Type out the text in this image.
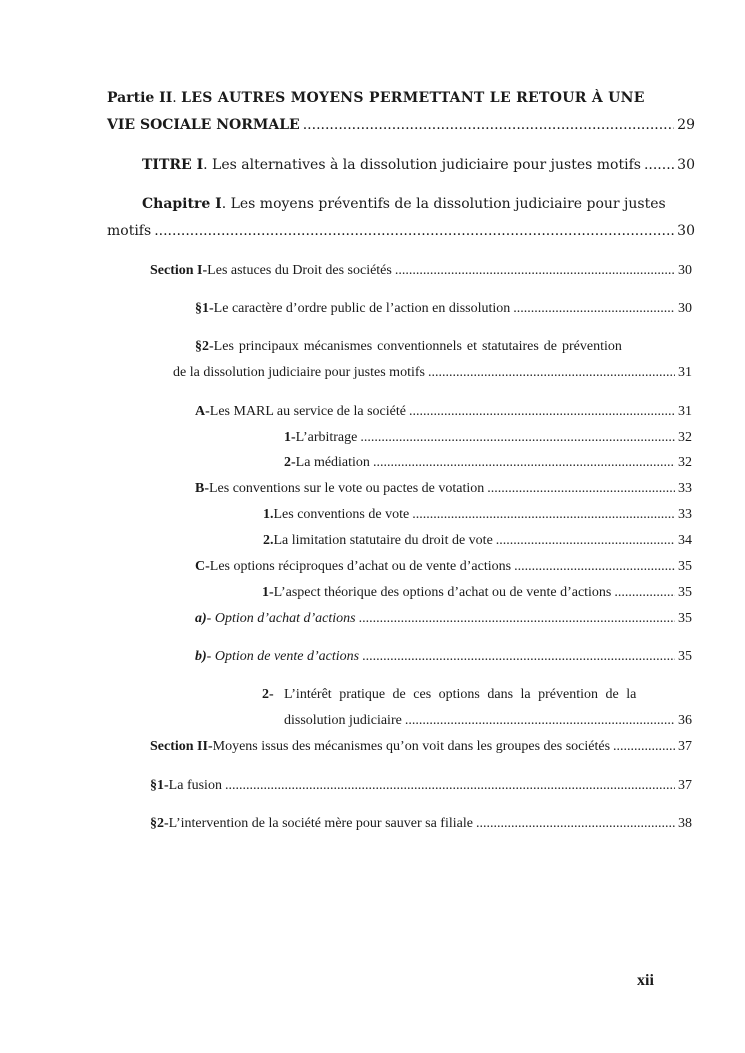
Partie II . LES AUTRES MOYENS PERMETTANT LE RETOUR À UNE
VIE SOCIALE NORMALE .....	29
TITRE I . Les alternatives à la dissolution judiciaire pour justes motifs .....	30
Chapitre I . Les moyens préventifs de la dissolution judiciaire pour justes
motifs .....	30
Section I- Les astuces du Droit des sociétés .....	30
§1- Le caractère d’ordre public de l’action en dissolution .....	30
§2- Les principaux mécanismes conventionnels et statutaires de prévention
de la dissolution judiciaire pour justes motifs .....	31
A- Les MARL au service de la société .....	31
1- L’arbitrage .....	32
2- La médiation .....	32
B- Les conventions sur le vote ou pactes de votation .....	33
1. Les conventions de vote .....	33
2. La limitation statutaire du droit de vote .....	34
C- Les options réciproques d’achat ou de vente d’actions .....	35
1- L’aspect théorique des options d’achat ou de vente d’actions .....	35
a) - Option d’achat d’actions .....	35
b) - Option de vente d’actions .....	35
2- L’intérêt pratique de ces options dans la prévention de la
dissolution judiciaire .....	36
Section II- Moyens issus des mécanismes qu’on voit dans les groupes des sociétés .....	37
§1- La fusion .....	37
§2- L’intervention de la société mère pour sauver sa filiale .....	38
xii
